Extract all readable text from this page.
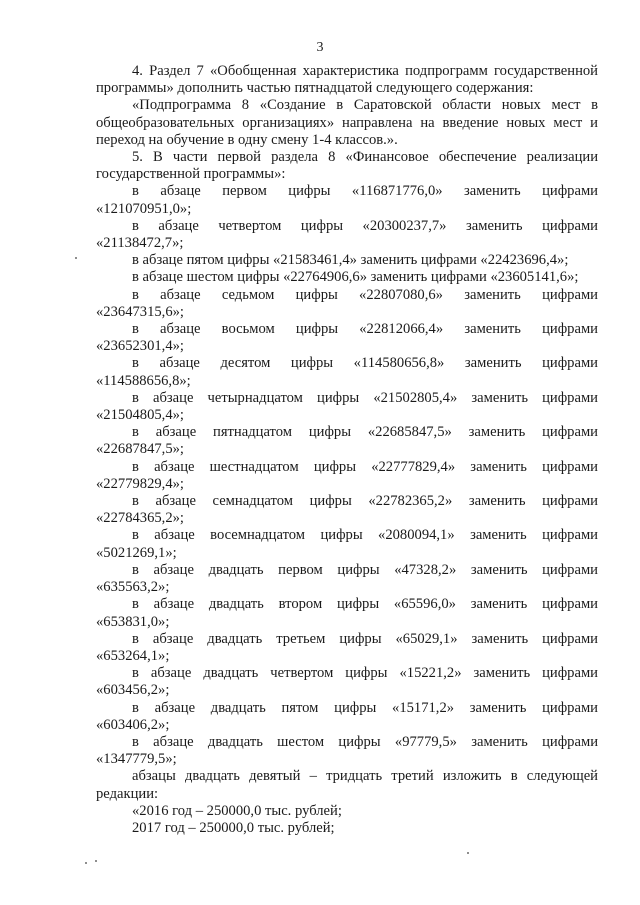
3

4. Раздел 7 «Обобщенная характеристика подпрограмм государственной программы» дополнить частью пятнадцатой следующего содержания:

«Подпрограмма 8 «Создание в Саратовской области новых мест в общеобразовательных организациях» направлена на введение новых мест и переход на обучение в одну смену 1-4 классов.».

5. В части первой раздела 8 «Финансовое обеспечение реализации государственной программы»:

в абзаце первом цифры «116871776,0» заменить цифрами

«121070951,0»;

в абзаце четвертом цифры «20300237,7» заменить цифрами

«21138472,7»;

в абзаце пятом цифры «21583461,4» заменить цифрами «22423696,4»;

в абзаце шестом цифры «22764906,6» заменить цифрами «23605141,6»;

в абзаце седьмом цифры «22807080,6» заменить цифрами

«23647315,6»;

в абзаце восьмом цифры «22812066,4» заменить цифрами

«23652301,4»;

в абзаце десятом цифры «114580656,8» заменить цифрами

«114588656,8»;

в абзаце четырнадцатом цифры «21502805,4» заменить цифрами

«21504805,4»;

в абзаце пятнадцатом цифры «22685847,5» заменить цифрами

«22687847,5»;

в абзаце шестнадцатом цифры «22777829,4» заменить цифрами

«22779829,4»;

в абзаце семнадцатом цифры «22782365,2» заменить цифрами

«22784365,2»;

в абзаце восемнадцатом цифры «2080094,1» заменить цифрами

«5021269,1»;

в абзаце двадцать первом цифры «47328,2» заменить цифрами

«635563,2»;

в абзаце двадцать втором цифры «65596,0» заменить цифрами

«653831,0»;

в абзаце двадцать третьем цифры «65029,1» заменить цифрами

«653264,1»;

в абзаце двадцать четвертом цифры «15221,2» заменить цифрами

«603456,2»;

в абзаце двадцать пятом цифры «15171,2» заменить цифрами

«603406,2»;

в абзаце двадцать шестом цифры «97779,5» заменить цифрами

«1347779,5»;

абзацы двадцать девятый – тридцать третий изложить в следующей редакции:

«2016 год – 250000,0 тыс. рублей;

2017 год – 250000,0 тыс. рублей;
